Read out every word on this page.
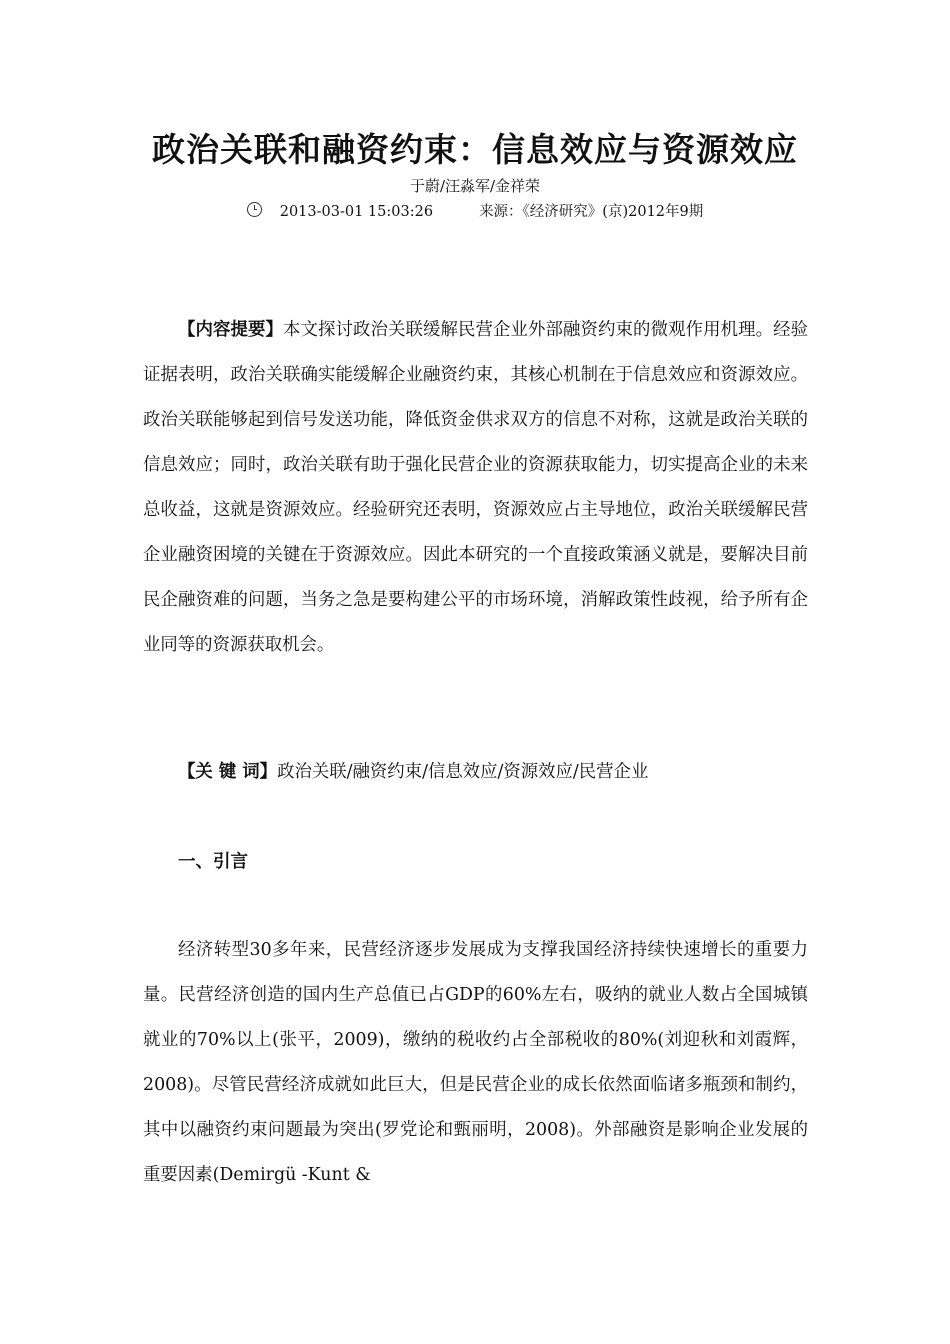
政治关联和融资约束：信息效应与资源效应
于蔚/汪淼军/金祥荣
2013-03-01 15:03:26	来源：《经济研究》(京)2012年9期
【内容提要】本文探讨政治关联缓解民营企业外部融资约束的微观作用机理。经验证据表明，政治关联确实能缓解企业融资约束，其核心机制在于信息效应和资源效应。政治关联能够起到信号发送功能，降低资金供求双方的信息不对称，这就是政治关联的信息效应；同时，政治关联有助于强化民营企业的资源获取能力，切实提高企业的未来总收益，这就是资源效应。经验研究还表明，资源效应占主导地位，政治关联缓解民营企业融资困境的关键在于资源效应。因此本研究的一个直接政策涵义就是，要解决目前民企融资难的问题，当务之急是要构建公平的市场环境，消解政策性歧视，给予所有企业同等的资源获取机会。
【关 键 词】政治关联/融资约束/信息效应/资源效应/民营企业
一、引言
经济转型30多年来，民营经济逐步发展成为支撑我国经济持续快速增长的重要力量。民营经济创造的国内生产总值已占GDP的60%左右，吸纳的就业人数占全国城镇就业的70%以上(张平，2009)，缴纳的税收约占全部税收的80%(刘迎秋和刘霞辉，2008)。尽管民营经济成就如此巨大，但是民营企业的成长依然面临诸多瓶颈和制约，其中以融资约束问题最为突出(罗党论和甄丽明，2008)。外部融资是影响企业发展的重要因素(Demirgü -Kunt &
